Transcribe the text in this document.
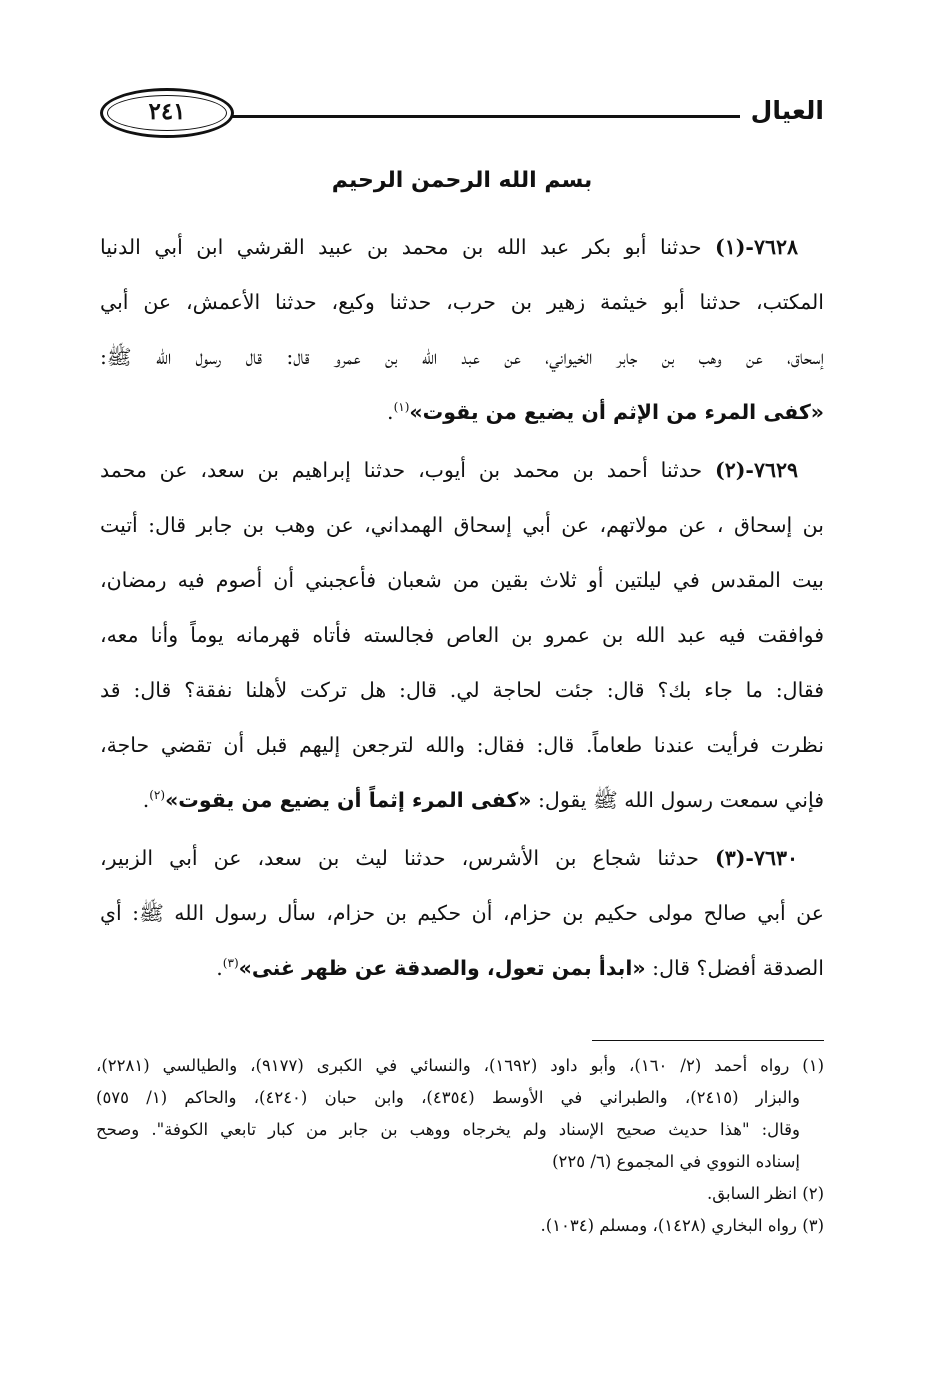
العيال
٢٤١
بسم الله الرحمن الرحيم
٧٦٢٨-(١) حدثنا أبو بكر عبد الله بن محمد بن عبيد القرشي ابن أبي الدنيا
المكتب، حدثنا أبو خيثمة زهير بن حرب، حدثنا وكيع، حدثنا الأعمش، عن أبي
إسحاق، عن وهب بن جابر الخيواني، عن عبد الله بن عمرو قال: قال رسول الله ﷺ:
«كفى المرء من الإثم أن يضيع من يقوت»$^{(١)}$.
٧٦٢٩-(٢) حدثنا أحمد بن محمد بن أيوب، حدثنا إبراهيم بن سعد، عن محمد
بن إسحاق ، عن مولاتهم، عن أبي إسحاق الهمداني، عن وهب بن جابر قال: أتيت
بيت المقدس في ليلتين أو ثلاث بقين من شعبان فأعجبني أن أصوم فيه رمضان،
فوافقت فيه عبد الله بن عمرو بن العاص فجالسته فأتاه قهرمانه يوماً وأنا معه،
فقال: ما جاء بك؟ قال: جئت لحاجة لي. قال: هل تركت لأهلنا نفقة؟ قال: قد
نظرت فرأيت عندنا طعاماً. قال: فقال: والله لترجعن إليهم قبل أن تقضي حاجة،
فإني سمعت رسول الله ﷺ يقول: «كفى المرء إثماً أن يضيع من يقوت»$^{(٢)}$.
٧٦٣٠-(٣) حدثنا شجاع بن الأشرس، حدثنا ليث بن سعد، عن أبي الزبير،
عن أبي صالح مولى حكيم بن حزام، أن حكيم بن حزام، سأل رسول الله ﷺ: أي
الصدقة أفضل؟ قال: «ابدأ بمن تعول، والصدقة عن ظهر غنى»$^{(٣)}$.
(١) رواه أحمد (٢/ ١٦٠)، وأبو داود (١٦٩٢)، والنسائي في الكبرى (٩١٧٧)، والطيالسي (٢٢٨١)،
والبزار (٢٤١٥)، والطبراني في الأوسط (٤٣٥٤)، وابن حبان (٤٢٤٠)، والحاكم (١/ ٥٧٥)
وقال: "هذا حديث صحيح الإسناد ولم يخرجاه ووهب بن جابر من كبار تابعي الكوفة". وصحح
إسناده النووي في المجموع (٦/ ٢٢٥)
(٢) انظر السابق.
(٣) رواه البخاري (١٤٢٨)، ومسلم (١٠٣٤).
